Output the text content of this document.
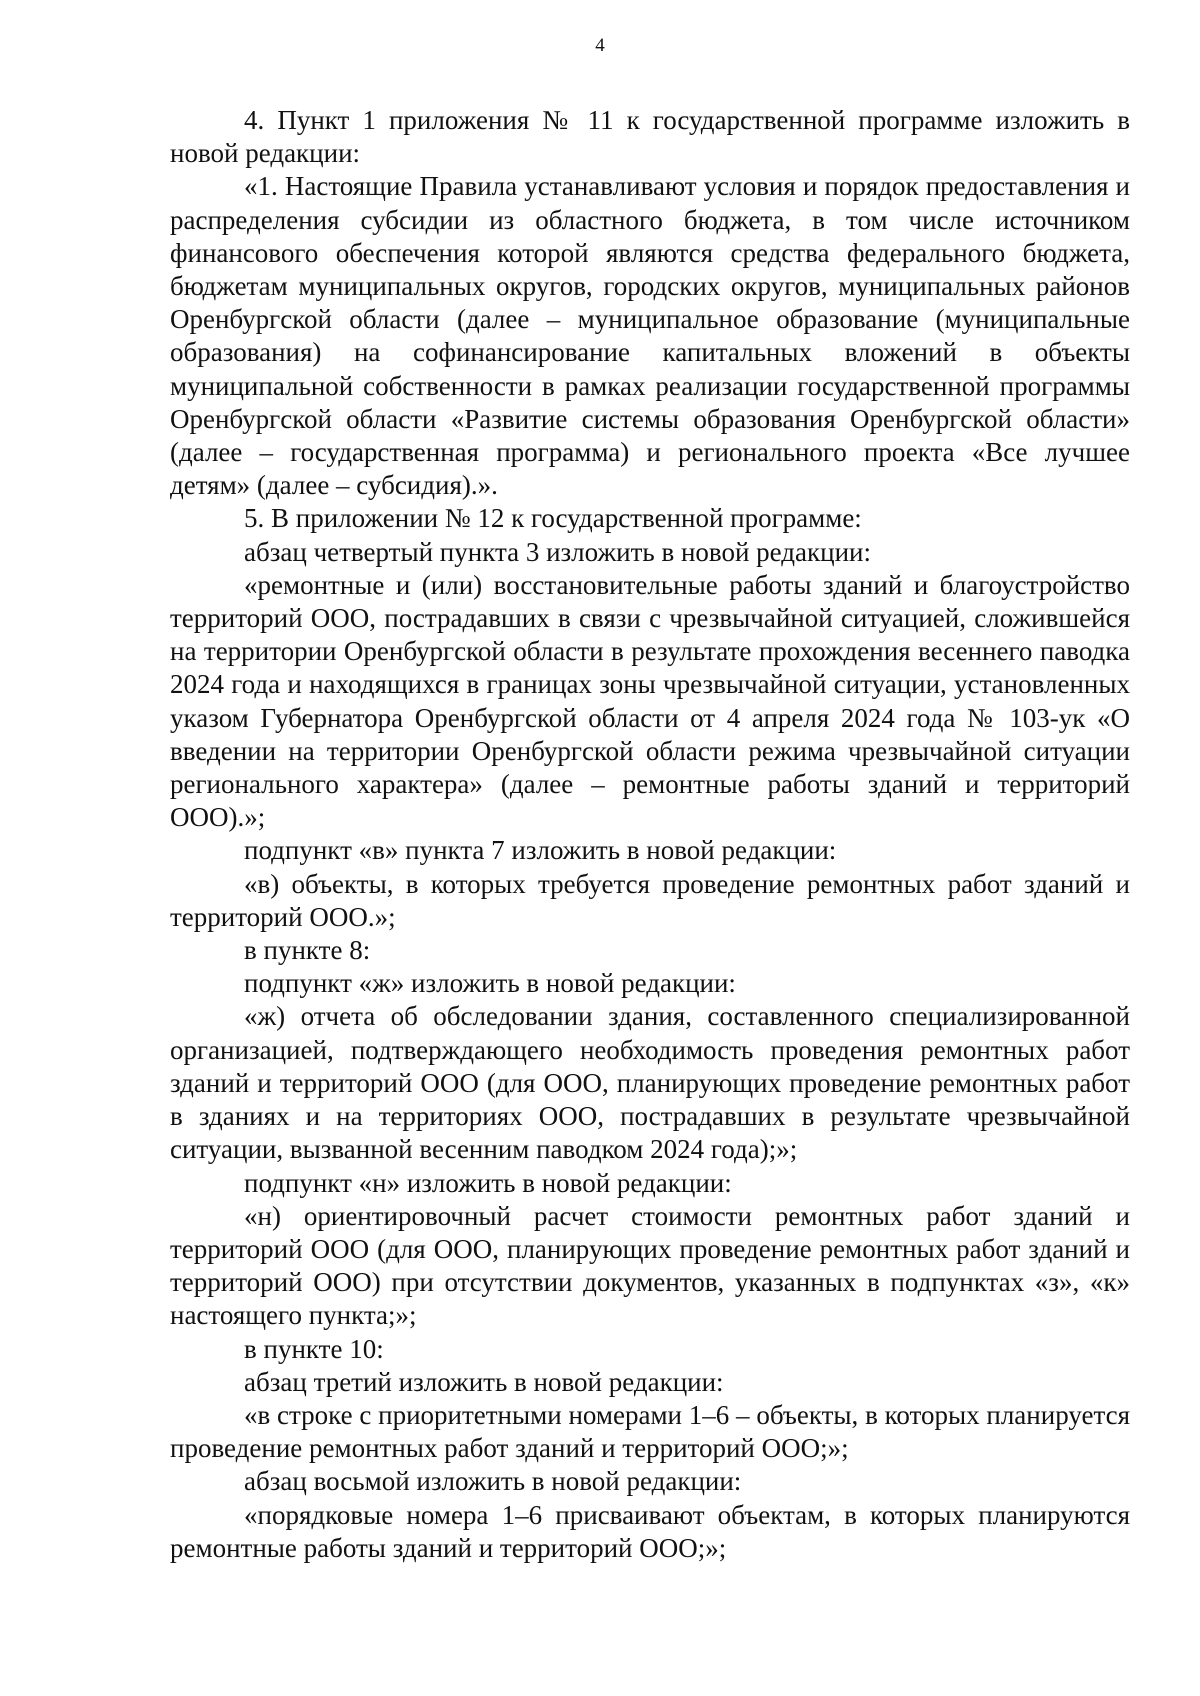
4

4. Пункт 1 приложения № 11 к государственной программе изложить в новой редакции:

«1. Настоящие Правила устанавливают условия и порядок предоставления и распределения субсидии из областного бюджета, в том числе источником финансового обеспечения которой являются средства федерального бюджета, бюджетам муниципальных округов, городских округов, муниципальных районов Оренбургской области (далее – муниципальное образование (муниципальные образования) на софинансирование капитальных вложений в объекты муниципальной собственности в рамках реализации государственной программы Оренбургской области «Развитие системы образования Оренбургской области» (далее – государственная программа) и регионального проекта «Все лучшее детям» (далее – субсидия).».

5. В приложении № 12 к государственной программе:

абзац четвертый пункта 3 изложить в новой редакции:

«ремонтные и (или) восстановительные работы зданий и благоустройство территорий ООО, пострадавших в связи с чрезвычайной ситуацией, сложившейся на территории Оренбургской области в результате прохождения весеннего паводка 2024 года и находящихся в границах зоны чрезвычайной ситуации, установленных указом Губернатора Оренбургской области от 4 апреля 2024 года № 103-ук «О введении на территории Оренбургской области режима чрезвычайной ситуации регионального характера» (далее – ремонтные работы зданий и территорий ООО).»;

подпункт «в» пункта 7 изложить в новой редакции:

«в) объекты, в которых требуется проведение ремонтных работ зданий и территорий ООО.»;

в пункте 8:

подпункт «ж» изложить в новой редакции:

«ж) отчета об обследовании здания, составленного специализированной организацией, подтверждающего необходимость проведения ремонтных работ зданий и территорий ООО (для ООО, планирующих проведение ремонтных работ в зданиях и на территориях ООО, пострадавших в результате чрезвычайной ситуации, вызванной весенним паводком 2024 года);»;

подпункт «н» изложить в новой редакции:

«н) ориентировочный расчет стоимости ремонтных работ зданий и территорий ООО (для ООО, планирующих проведение ремонтных работ зданий и территорий ООО) при отсутствии документов, указанных в подпунктах «з», «к» настоящего пункта;»;

в пункте 10:

абзац третий изложить в новой редакции:

«в строке с приоритетными номерами 1–6 – объекты, в которых планируется проведение ремонтных работ зданий и территорий ООО;»;

абзац восьмой изложить в новой редакции:

«порядковые номера 1–6 присваивают объектам, в которых планируются ремонтные работы зданий и территорий ООО;»;
